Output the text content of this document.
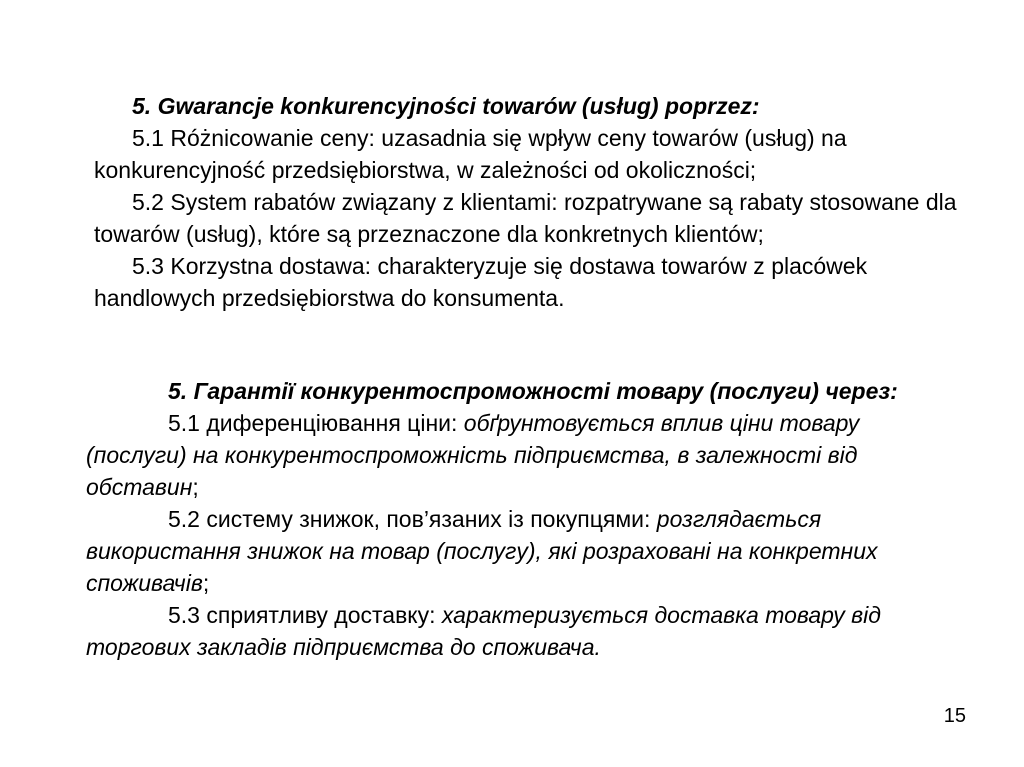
5. Gwarancje konkurencyjności towarów (usług) poprzez:

5.1 Różnicowanie ceny: uzasadnia się wpływ ceny towarów (usług) na konkurencyjność przedsiębiorstwa, w zależności od okoliczności;

5.2 System rabatów związany z klientami: rozpatrywane są rabaty stosowane dla towarów (usług), które są przeznaczone dla konkretnych klientów;

5.3 Korzystna dostawa: charakteryzuje się dostawa towarów z placówek handlowych przedsiębiorstwa do konsumenta.

5. Гарантії конкурентоспроможності товару (послуги) через:

5.1 диференціювання ціни: обґрунтовується вплив ціни товару (послуги) на конкурентоспроможність підприємства, в залежності від обставин;

5.2 систему знижок, пов’язаних із покупцями: розглядається використання знижок на товар (послугу), які розраховані на конкретних споживачів;

5.3 сприятливу доставку: характеризується доставка товару від торгових закладів підприємства до споживача.

15
